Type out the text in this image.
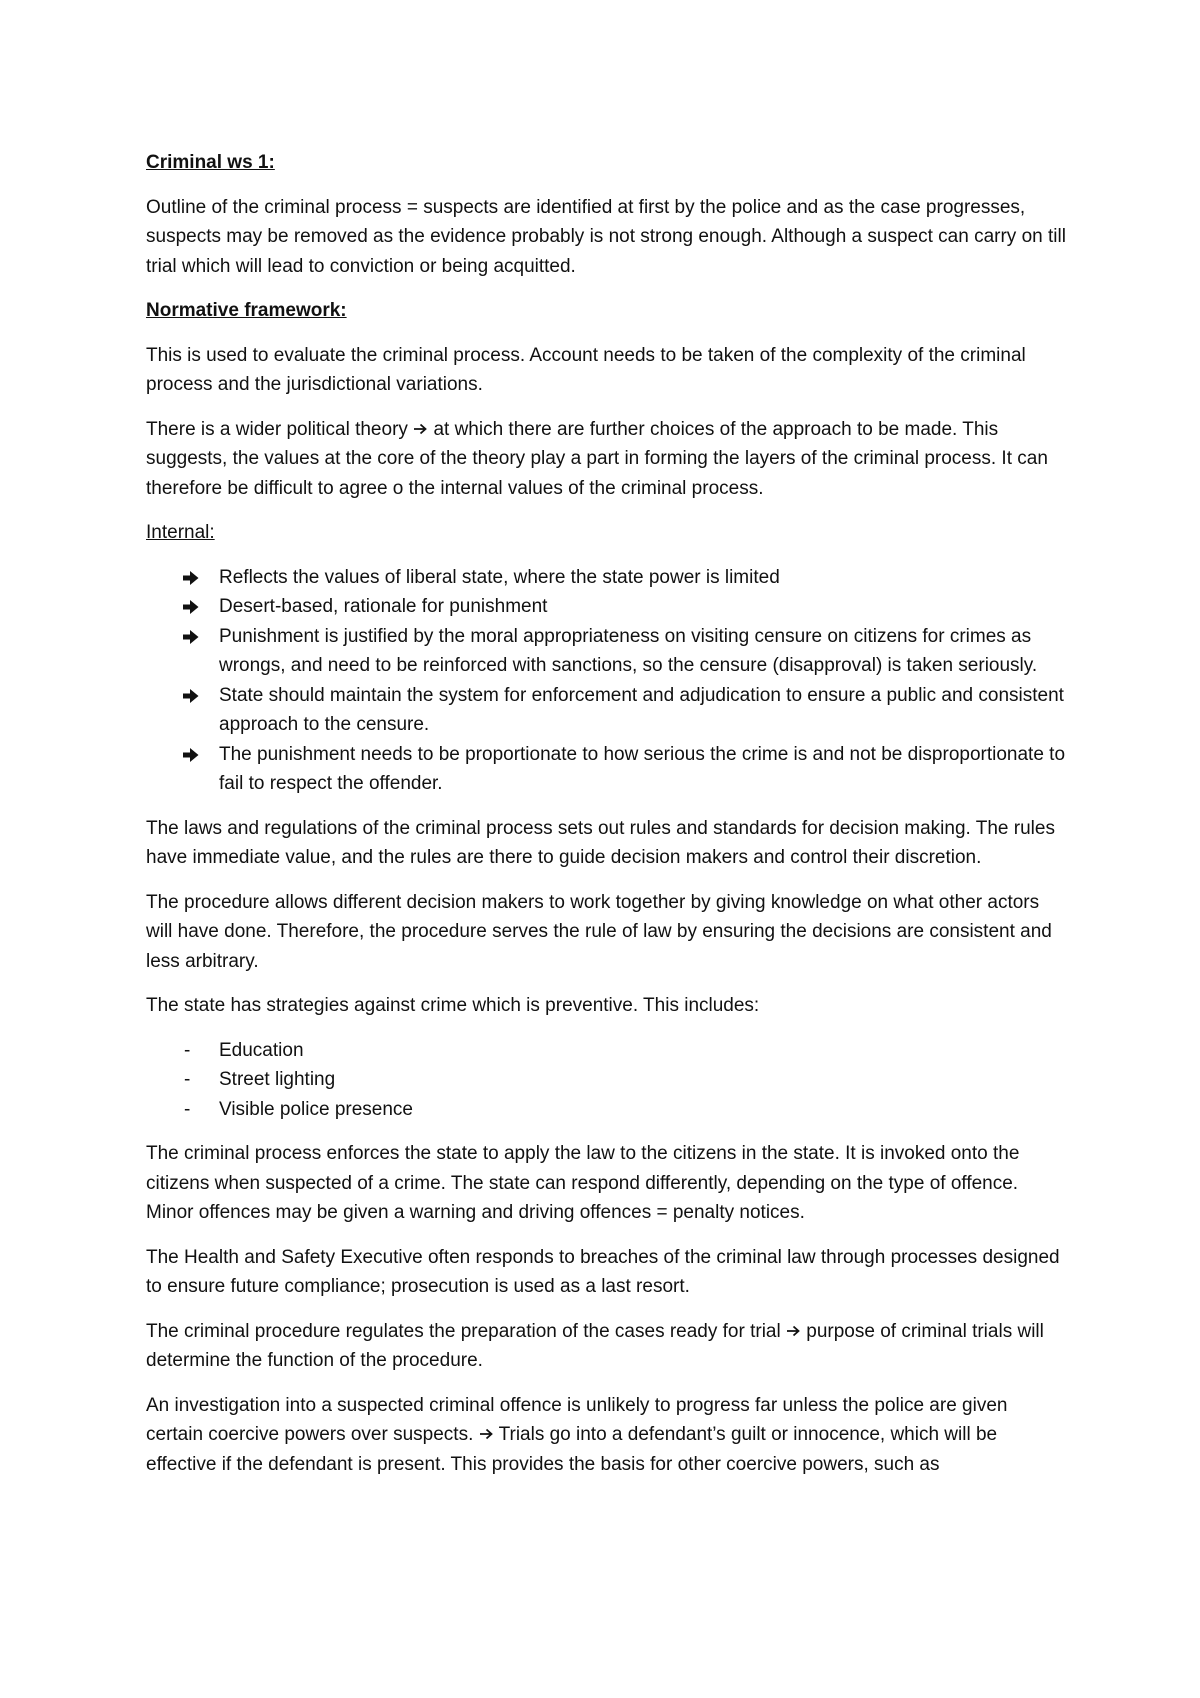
Criminal ws 1:

Outline of the criminal process = suspects are identified at first by the police and as the case progresses, suspects may be removed as the evidence probably is not strong enough. Although a suspect can carry on till trial which will lead to conviction or being acquitted.

Normative framework:

This is used to evaluate the criminal process. Account needs to be taken of the complexity of the criminal process and the jurisdictional variations.

There is a wider political theory at which there are further choices of the approach to be made. This suggests, the values at the core of the theory play a part in forming the layers of the criminal process. It can therefore be difficult to agree o the internal values of the criminal process.

Internal:

Reflects the values of liberal state, where the state power is limited
Desert-based, rationale for punishment
Punishment is justified by the moral appropriateness on visiting censure on citizens for crimes as wrongs, and need to be reinforced with sanctions, so the censure (disapproval) is taken seriously.
State should maintain the system for enforcement and adjudication to ensure a public and consistent approach to the censure.
The punishment needs to be proportionate to how serious the crime is and not be disproportionate to fail to respect the offender.

The laws and regulations of the criminal process sets out rules and standards for decision making. The rules have immediate value, and the rules are there to guide decision makers and control their discretion.

The procedure allows different decision makers to work together by giving knowledge on what other actors will have done. Therefore, the procedure serves the rule of law by ensuring the decisions are consistent and less arbitrary.

The state has strategies against crime which is preventive. This includes:

- Education
- Street lighting
- Visible police presence

The criminal process enforces the state to apply the law to the citizens in the state. It is invoked onto the citizens when suspected of a crime. The state can respond differently, depending on the type of offence. Minor offences may be given a warning and driving offences = penalty notices.

The Health and Safety Executive often responds to breaches of the criminal law through processes designed to ensure future compliance; prosecution is used as a last resort.

The criminal procedure regulates the preparation of the cases ready for trial purpose of criminal trials will determine the function of the procedure.

An investigation into a suspected criminal offence is unlikely to progress far unless the police are given certain coercive powers over suspects. Trials go into a defendant’s guilt or innocence, which will be effective if the defendant is present. This provides the basis for other coercive powers, such as
